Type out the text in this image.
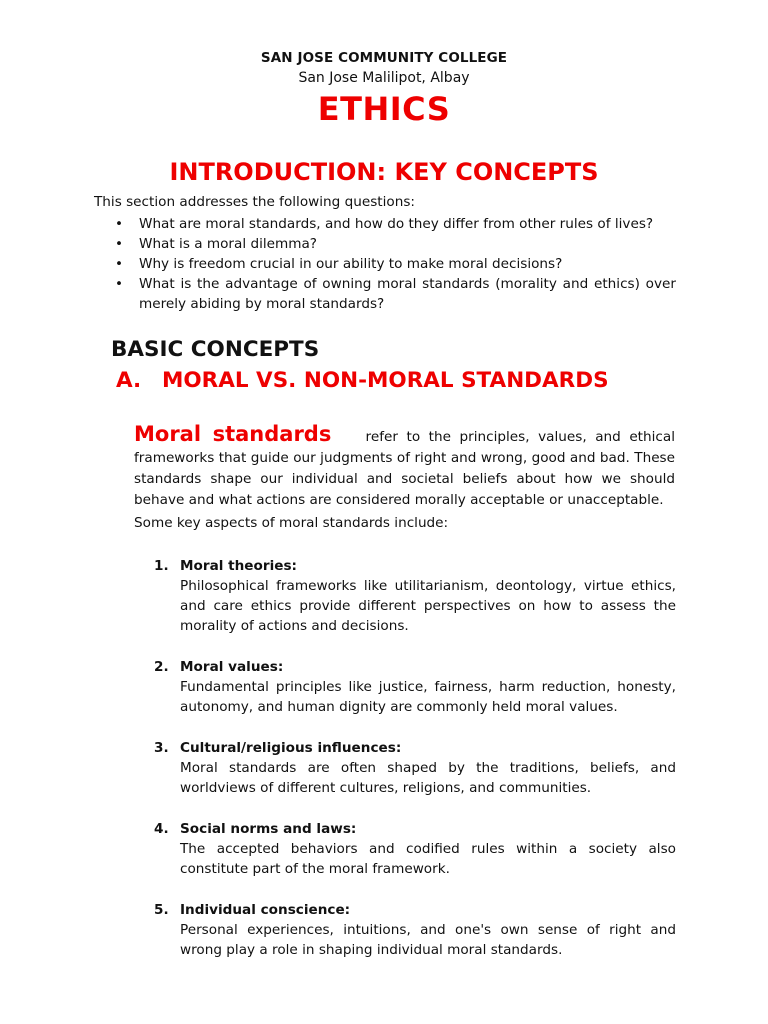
SAN JOSE COMMUNITY COLLEGE
San Jose Malilipot, Albay
ETHICS
INTRODUCTION: KEY CONCEPTS
This section addresses the following questions:
• What are moral standards, and how do they differ from other rules of lives?
• What is a moral dilemma?
• Why is freedom crucial in our ability to make moral decisions?
• What is the advantage of owning moral standards (morality and ethics) over merely abiding by moral standards?
BASIC CONCEPTS
A. MORAL VS. NON-MORAL STANDARDS
Moral standards	refer to the principles, values, and ethical
frameworks that guide our judgments of right and wrong, good and bad. These standards shape our individual and societal beliefs about how we should behave and what actions are considered morally acceptable or unacceptable.
Some key aspects of moral standards include:
1. Moral theories:
Philosophical frameworks like utilitarianism, deontology, virtue ethics, and care ethics provide different perspectives on how to assess the morality of actions and decisions.
2. Moral values:
Fundamental principles like justice, fairness, harm reduction, honesty, autonomy, and human dignity are commonly held moral values.
3. Cultural/religious influences:
Moral standards are often shaped by the traditions, beliefs, and worldviews of different cultures, religions, and communities.
4. Social norms and laws:
The accepted behaviors and codified rules within a society also constitute part of the moral framework.
5. Individual conscience:
Personal experiences, intuitions, and one's own sense of right and wrong play a role in shaping individual moral standards.
